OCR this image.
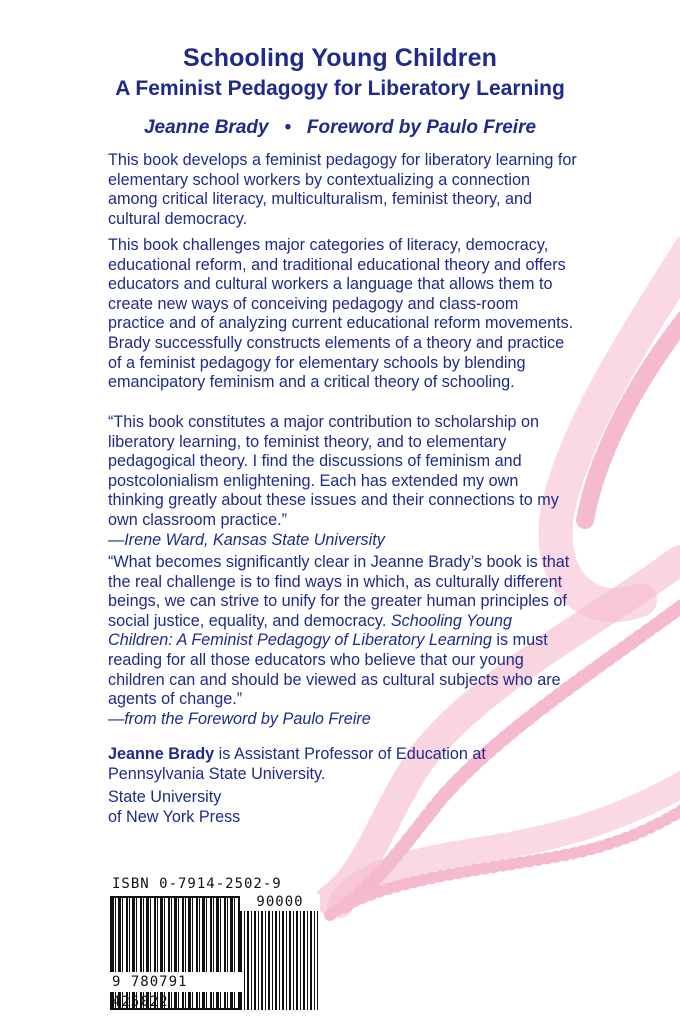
Schooling Young Children
A Feminist Pedagogy for Liberatory Learning
Jeanne Brady • Foreword by Paulo Freire

This book develops a feminist pedagogy for liberatory learning for elementary school workers by contextualizing a connection among critical literacy, multiculturalism, feminist theory, and cultural democracy.

This book challenges major categories of literacy, democracy, educational reform, and traditional educational theory and offers educators and cultural workers a language that allows them to create new ways of conceiving pedagogy and class-room practice and of analyzing current educational reform movements. Brady successfully constructs elements of a theory and practice of a feminist pedagogy for elementary schools by blending emancipatory feminism and a critical theory of schooling.

“This book constitutes a major contribution to scholarship on liberatory learning, to feminist theory, and to elementary pedagogical theory. I find the discussions of feminism and postcolonialism enlightening. Each has extended my own thinking greatly about these issues and their connections to my own classroom practice.”
—Irene Ward, Kansas State University

“What becomes significantly clear in Jeanne Brady’s book is that the real challenge is to find ways in which, as culturally different beings, we can strive to unify for the greater human principles of social justice, equality, and democracy. Schooling Young Children: A Feminist Pedagogy of Liberatory Learning is must reading for all those educators who believe that our young children can and should be viewed as cultural subjects who are agents of change.”
—from the Foreword by Paulo Freire

Jeanne Brady is Assistant Professor of Education at Pennsylvania State University.

State University
of New York Press

ISBN 0-7914-2502-9
90000
9 780791 425022
